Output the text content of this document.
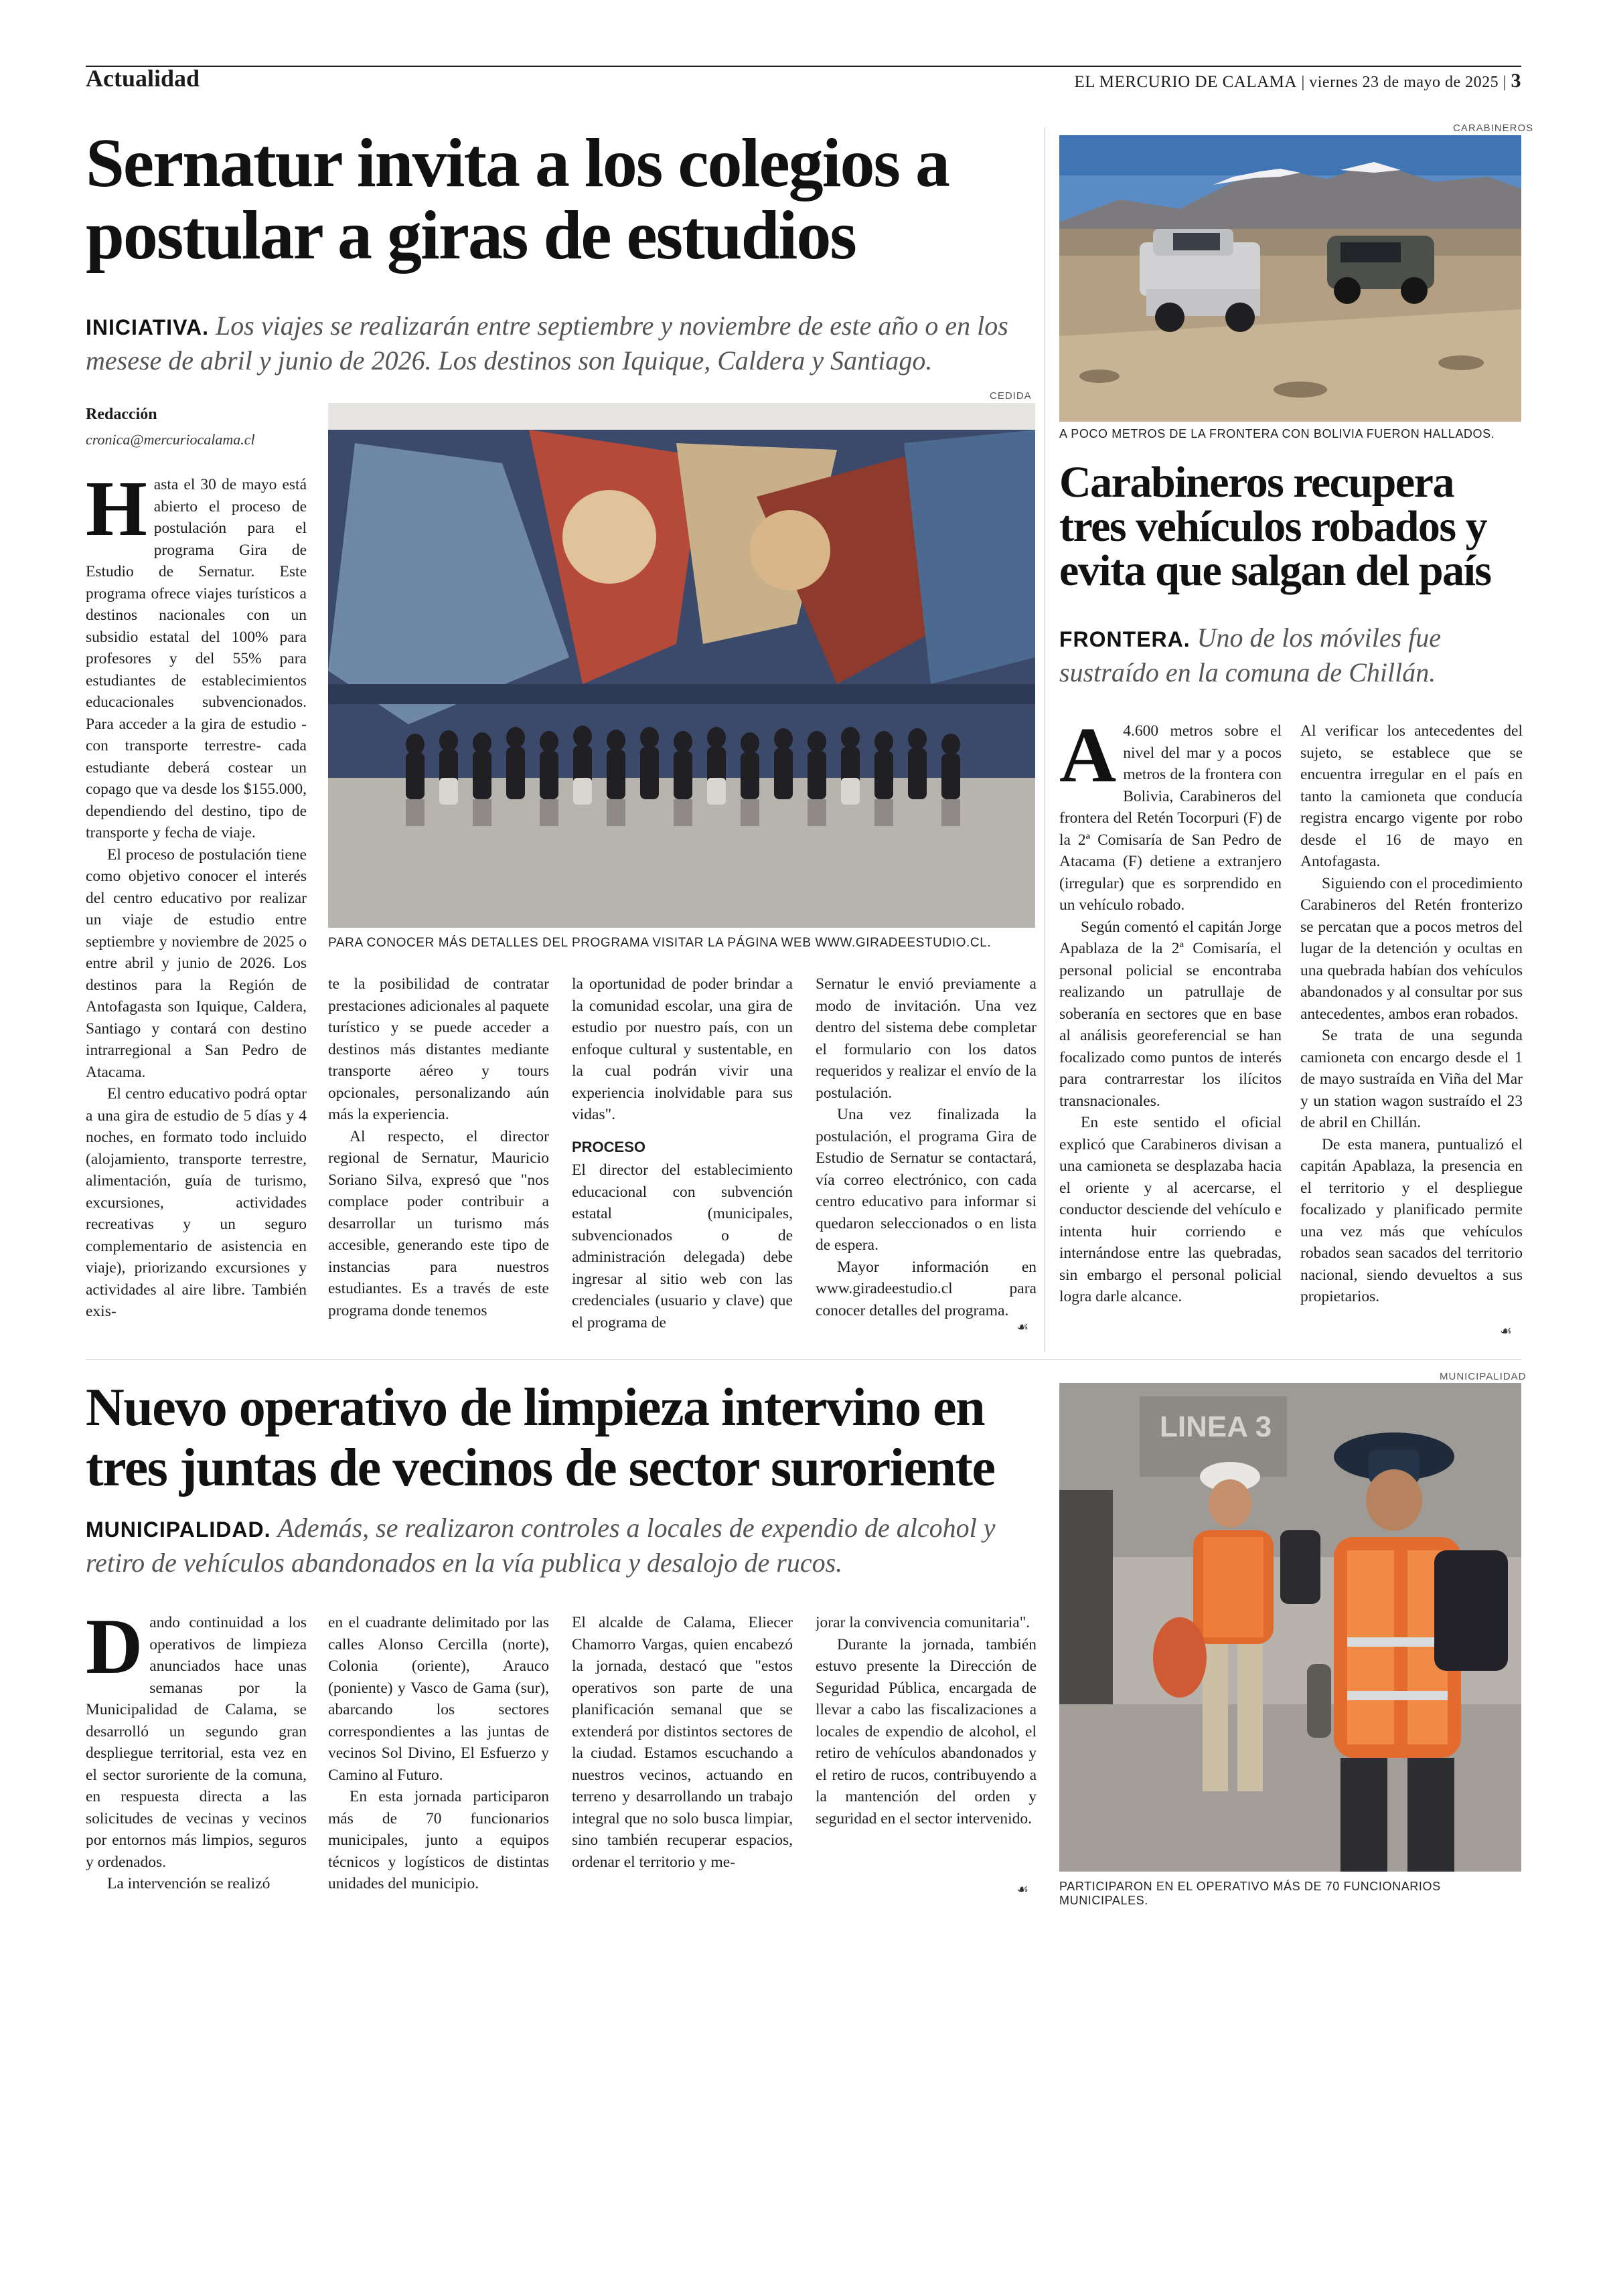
Actualidad	EL MERCURIO DE CALAMA | viernes 23 de mayo de 2025 | 3
Sernatur invita a los colegios a postular a giras de estudios
INICIATIVA. Los viajes se realizarán entre septiembre y noviembre de este año o en los mesese de abril y junio de 2026. Los destinos son Iquique, Caldera y Santiago.
Redacción
cronica@mercuriocalama.cl
CEDIDA
PARA CONOCER MÁS DETALLES DEL PROGRAMA VISITAR LA PÁGINA WEB WWW.GIRADEESTUDIO.CL.
H asta el 30 de mayo está abierto el proceso de postulación para el programa Gira de Estudio de Sernatur. Este programa ofrece viajes turísticos a destinos nacionales con un subsidio estatal del 100% para profesores y del 55% para estudiantes de establecimientos educacionales subvencionados. Para acceder a la gira de estudio -con transporte terrestre- cada estudiante deberá costear un copago que va desde los $155.000, dependiendo del destino, tipo de transporte y fecha de viaje.

El proceso de postulación tiene como objetivo conocer el interés del centro educativo por realizar un viaje de estudio entre septiembre y noviembre de 2025 o entre abril y junio de 2026. Los destinos para la Región de Antofagasta son Iquique, Caldera, Santiago y contará con destino intrarregional a San Pedro de Atacama.

El centro educativo podrá optar a una gira de estudio de 5 días y 4 noches, en formato todo incluido (alojamiento, transporte terrestre, alimentación, guía de turismo, excursiones, actividades recreativas y un seguro complementario de asistencia en viaje), priorizando excursiones y actividades al aire libre. También exis-

te la posibilidad de contratar prestaciones adicionales al paquete turístico y se puede acceder a destinos más distantes mediante transporte aéreo y tours opcionales, personalizando aún más la experiencia.

Al respecto, el director regional de Sernatur, Mauricio Soriano Silva, expresó que "nos complace poder contribuir a desarrollar un turismo más accesible, generando este tipo de instancias para nuestros estudiantes. Es a través de este programa donde tenemos

la oportunidad de poder brindar a la comunidad escolar, una gira de estudio por nuestro país, con un enfoque cultural y sustentable, en la cual podrán vivir una experiencia inolvidable para sus vidas".

PROCESO

El director del establecimiento educacional con subvención estatal (municipales, subvencionados o de administración delegada) debe ingresar al sitio web con las credenciales (usuario y clave) que el programa de

Sernatur le envió previamente a modo de invitación. Una vez dentro del sistema debe completar el formulario con los datos requeridos y realizar el envío de la postulación.

Una vez finalizada la postulación, el programa Gira de Estudio de Sernatur se contactará, vía correo electrónico, con cada centro educativo para informar si quedaron seleccionados o en lista de espera.

Mayor información en www.giradeestudio.cl para conocer detalles del programa.

☙
CARABINEROS
A POCO METROS DE LA FRONTERA CON BOLIVIA FUERON HALLADOS.
Carabineros recupera tres vehículos robados y evita que salgan del país
FRONTERA. Uno de los móviles fue sustraído en la comuna de Chillán.
A 4.600 metros sobre el nivel del mar y a pocos metros de la frontera con Bolivia, Carabineros del frontera del Retén Tocorpuri (F) de la 2ª Comisaría de San Pedro de Atacama (F) detiene a extranjero (irregular) que es sorprendido en un vehículo robado.

Según comentó el capitán Jorge Apablaza de la 2ª Comisaría, el personal policial se encontraba realizando un patrullaje de soberanía en sectores que en base al análisis georeferencial se han focalizado como puntos de interés para contrarrestar los ilícitos transnacionales.

En este sentido el oficial explicó que Carabineros divisan a una camioneta se desplazaba hacia el oriente y al acercarse, el conductor desciende del vehículo e intenta huir corriendo e internándose entre las quebradas, sin embargo el personal policial logra darle alcance.

Al verificar los antecedentes del sujeto, se establece que se encuentra irregular en el país en tanto la camioneta que conducía registra encargo vigente por robo desde el 16 de mayo en Antofagasta.

Siguiendo con el procedimiento Carabineros del Retén fronterizo se percatan que a pocos metros del lugar de la detención y ocultas en una quebrada habían dos vehículos abandonados y al consultar por sus antecedentes, ambos eran robados.

Se trata de una segunda camioneta con encargo desde el 1 de mayo sustraída en Viña del Mar y un station wagon sustraído el 23 de abril en Chillán.

De esta manera, puntualizó el capitán Apablaza, la presencia en el territorio y el despliegue focalizado y planificado permite una vez más que vehículos robados sean sacados del territorio nacional, siendo devueltos a sus propietarios.

☙
Nuevo operativo de limpieza intervino en tres juntas de vecinos de sector suroriente
MUNICIPALIDAD. Además, se realizaron controles a locales de expendio de alcohol y retiro de vehículos abandonados en la vía publica y desalojo de rucos.
D ando continuidad a los operativos de limpieza anunciados hace unas semanas por la Municipalidad de Calama, se desarrolló un segundo gran despliegue territorial, esta vez en el sector suroriente de la comuna, en respuesta directa a las solicitudes de vecinas y vecinos por entornos más limpios, seguros y ordenados.

La intervención se realizó

en el cuadrante delimitado por las calles Alonso Cercilla (norte), Colonia (oriente), Arauco (poniente) y Vasco de Gama (sur), abarcando los sectores correspondientes a las juntas de vecinos Sol Divino, El Esfuerzo y Camino al Futuro.

En esta jornada participaron más de 70 funcionarios municipales, junto a equipos técnicos y logísticos de distintas unidades del municipio.

El alcalde de Calama, Eliecer Chamorro Vargas, quien encabezó la jornada, destacó que "estos operativos son parte de una planificación semanal que se extenderá por distintos sectores de la ciudad. Estamos escuchando a nuestros vecinos, actuando en terreno y desarrollando un trabajo integral que no solo busca limpiar, sino también recuperar espacios, ordenar el territorio y me-

jorar la convivencia comunitaria".

Durante la jornada, también estuvo presente la Dirección de Seguridad Pública, encargada de llevar a cabo las fiscalizaciones a locales de expendio de alcohol, el retiro de vehículos abandonados y el retiro de rucos, contribuyendo a la mantención del orden y seguridad en el sector intervenido.

☙
MUNICIPALIDAD
LINEA 3
PARTICIPARON EN EL OPERATIVO MÁS DE 70 FUNCIONARIOS MUNICIPALES.
